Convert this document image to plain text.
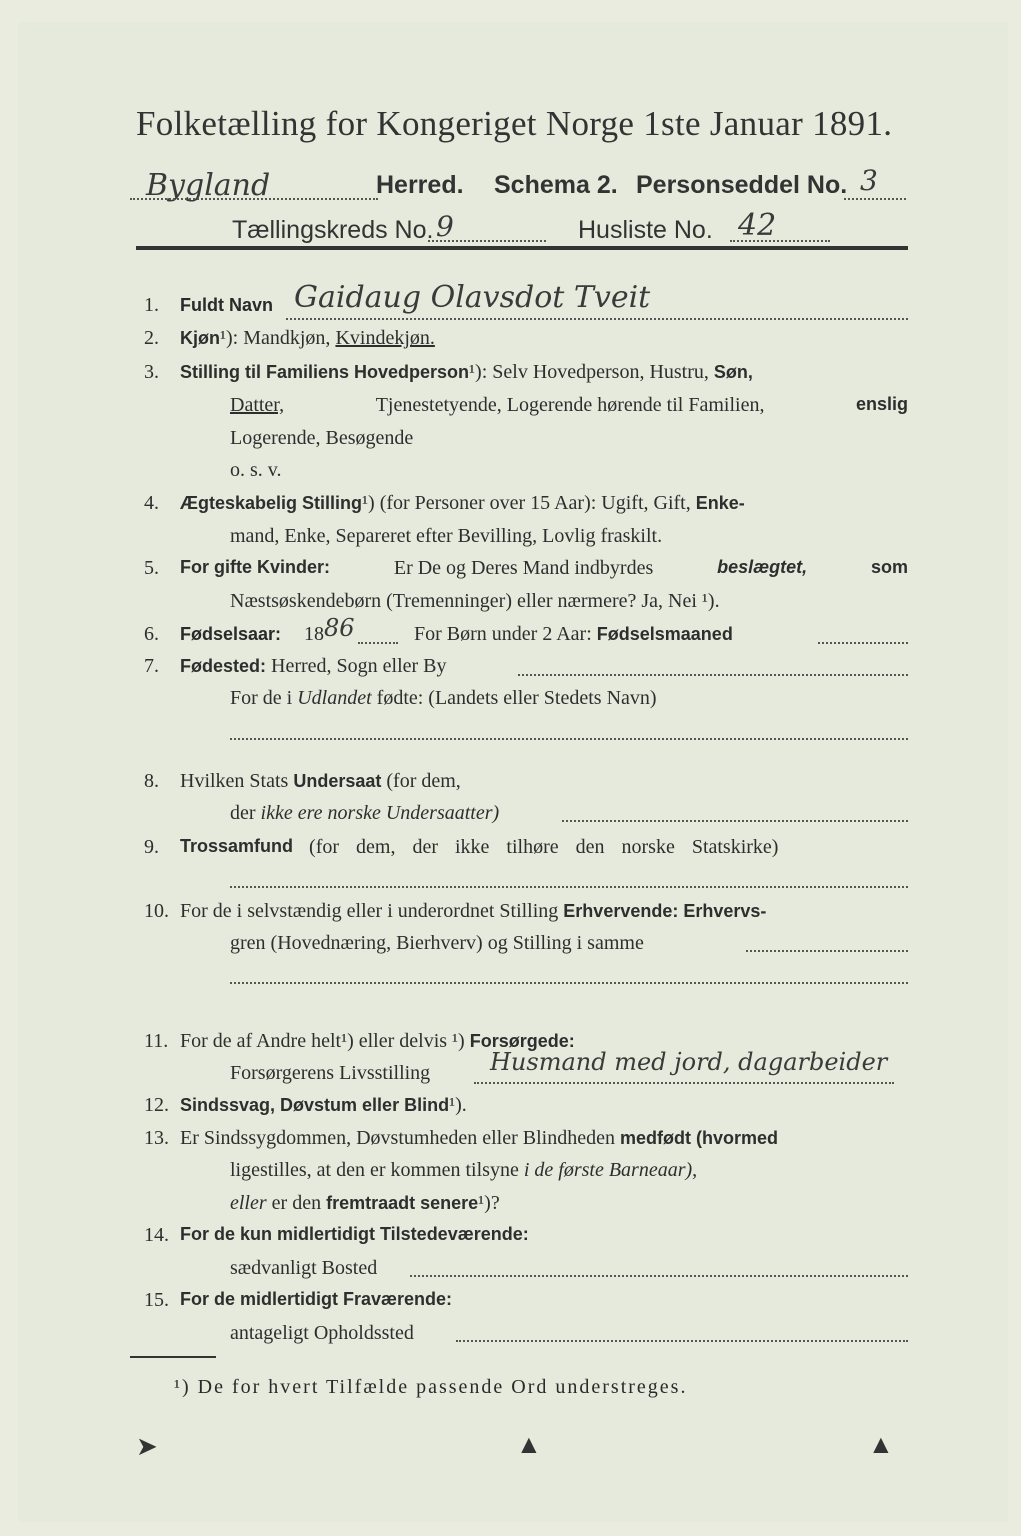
Folketælling for Kongeriget Norge 1ste Januar 1891.
Bygland	Herred. Schema 2. Personseddel No. 3
Tællingskreds No. 9	Husliste No. 42
1. Fuldt Navn Gaidaug Olavsdot Tveit
2. Kjøn¹): Mandkjøn, Kvindekjøn.
3. Stilling til Familiens Hovedperson¹): Selv Hovedperson, Hustru, Søn,
Datter,	Tjenestetyende, Logerende hørende til Familien,	enslig
Logerende, Besøgende
o. s. v.
4. Ægteskabelig Stilling¹) (for Personer over 15 Aar): Ugift, Gift, Enke-
mand, Enke, Separeret efter Bevilling, Lovlig fraskilt.
5. For gifte Kvinder:	Er De og Deres Mand indbyrdes	beslægtet,	som
Næstsøskendebørn (Tremenninger) eller nærmere? Ja, Nei ¹).
6. Fødselsaar: 18 86	For Børn under 2 Aar: Fødselsmaaned
7. Fødested: Herred, Sogn eller By
For de i Udlandet fødte: (Landets eller Stedets Navn)
8. Hvilken Stats Undersaat (for dem,
der ikke ere norske Undersaatter)
9. Trossamfund (for dem, der ikke tilhøre den norske Statskirke)
10. For de i selvstændig eller i underordnet Stilling Erhvervende: Erhvervs-
gren (Hovednæring, Bierhverv) og Stilling i samme
11. For de af Andre helt¹) eller delvis ¹) Forsørgede:
Forsørgerens Livsstilling Husmand med jord, dagarbeider
12. Sindssvag, Døvstum eller Blind¹).
13. Er Sindssygdommen, Døvstumheden eller Blindheden medfødt (hvormed
ligestilles, at den er kommen tilsyne i de første Barneaar),
eller er den fremtraadt senere¹)?
14. For de kun midlertidigt Tilstedeværende:
sædvanligt Bosted
15. For de midlertidigt Fraværende:
antageligt Opholdssted
¹) De for hvert Tilfælde passende Ord understreges.
➤	▲	▲
